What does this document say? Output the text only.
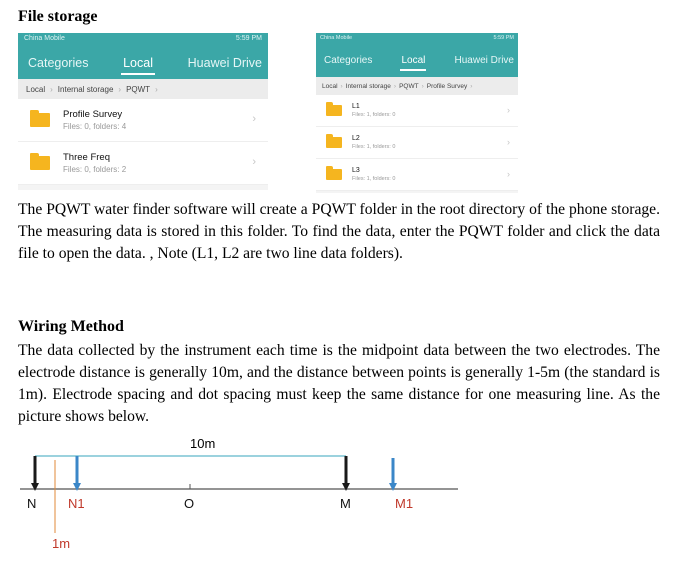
File storage
China Mobile	5:59 PM
Categories	Local	Huawei Drive
Local › Internal storage › PQWT ›
Profile Survey
Files: 0, folders: 4
›
Three Freq
Files: 0, folders: 2
›
China Mobile	5:59 PM
Categories	Local	Huawei Drive
Local › Internal storage › PQWT › Profile Survey ›
L1
Files: 1, folders: 0	›
L2
Files: 1, folders: 0	›
L3
Files: 1, folders: 0	›
The PQWT water finder software will create a PQWT folder in the root directory of the phone storage. The measuring data is stored in this folder. To find the data, enter the PQWT folder and click the data file to open the data. , Note (L1, L2 are two line data folders).
Wiring Method
The data collected by the instrument each time is the midpoint data between the two electrodes. The electrode distance is generally 10m, and the distance between points is generally 1-5m (the standard is 1m). Electrode spacing and dot spacing must keep the same distance for one measuring line. As the picture shows below.
10m
1m
N N1	O	M	M1
